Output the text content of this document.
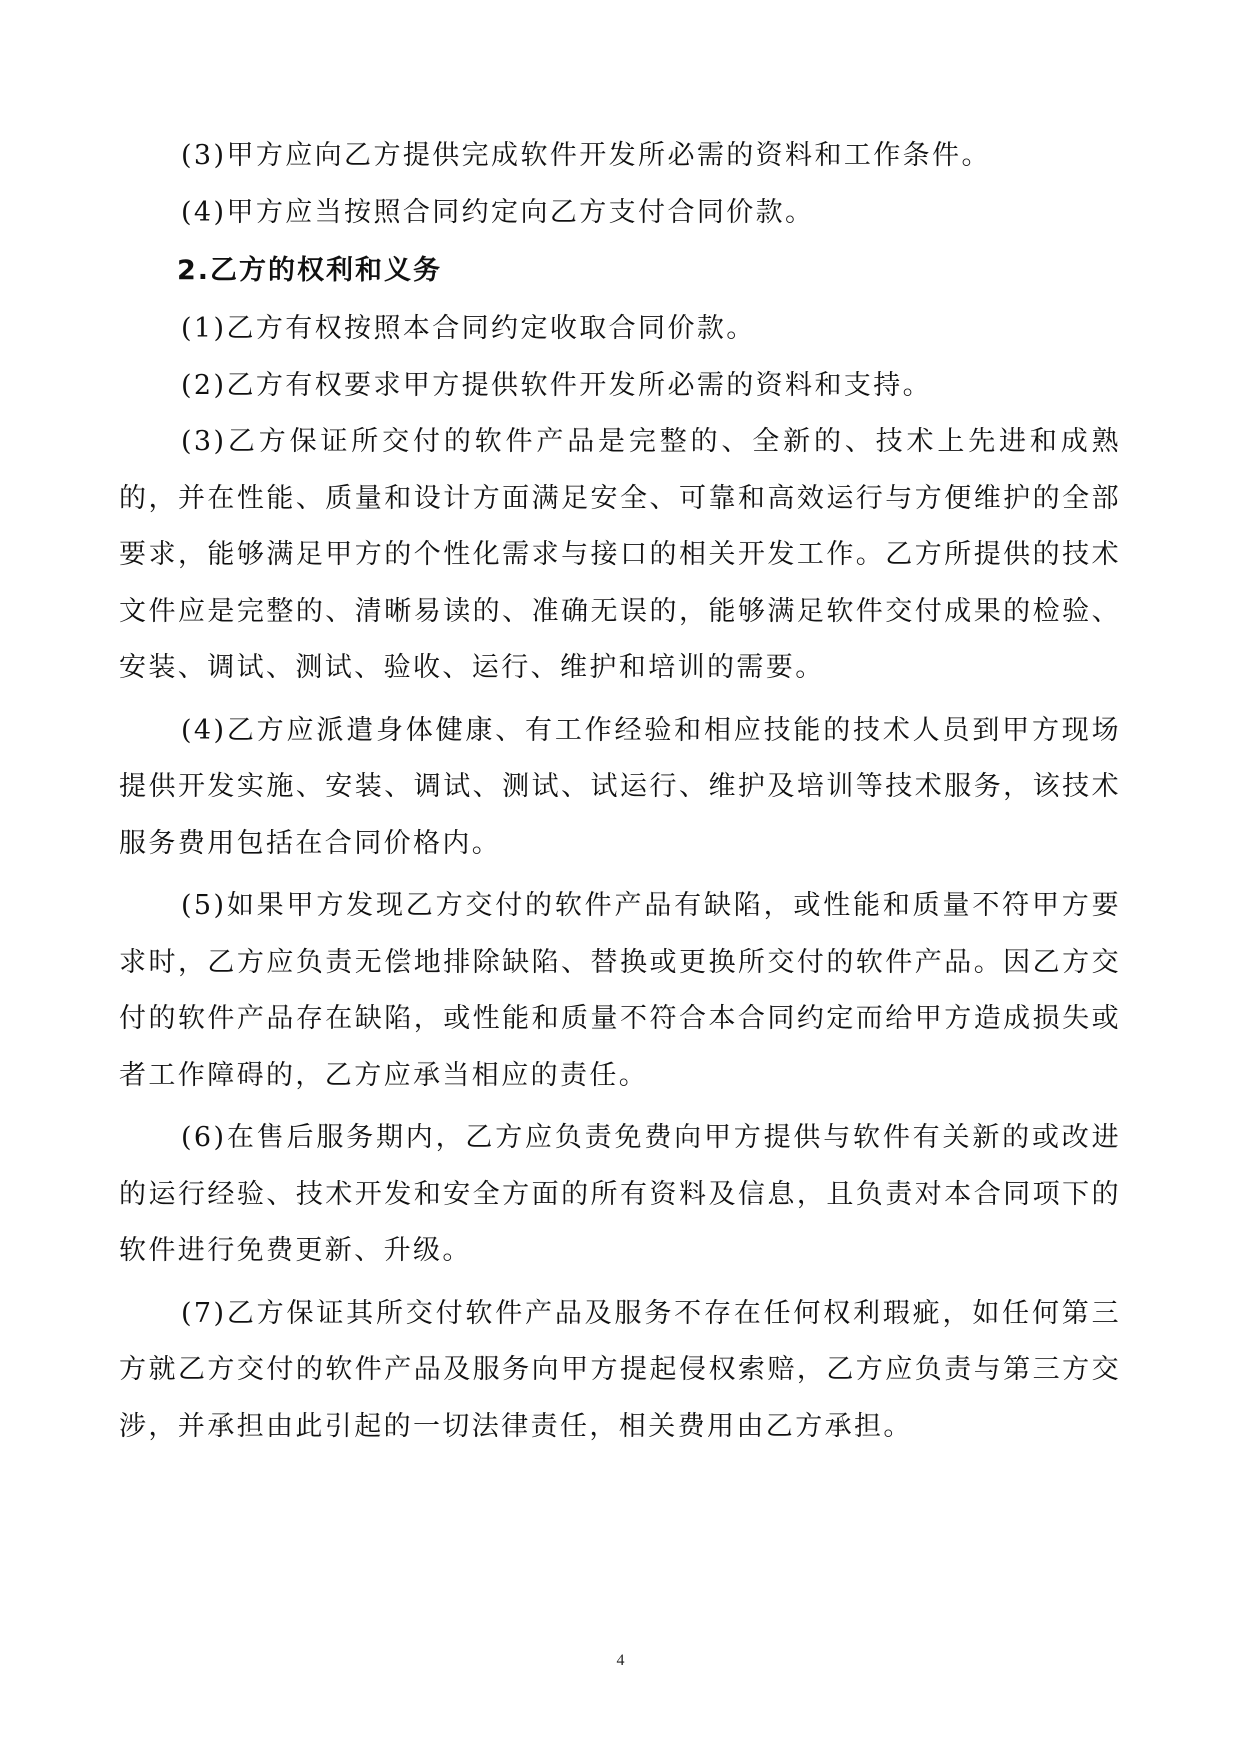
(3)甲方应向乙方提供完成软件开发所必需的资料和工作条件。

(4)甲方应当按照合同约定向乙方支付合同价款。

2.乙方的权利和义务

(1)乙方有权按照本合同约定收取合同价款。

(2)乙方有权要求甲方提供软件开发所必需的资料和支持。

(3)乙方保证所交付的软件产品是完整的、全新的、技术上先进和成熟的，并在性能、质量和设计方面满足安全、可靠和高效运行与方便维护的全部要求，能够满足甲方的个性化需求与接口的相关开发工作。乙方所提供的技术文件应是完整的、清晰易读的、准确无误的，能够满足软件交付成果的检验、安装、调试、测试、验收、运行、维护和培训的需要。

(4)乙方应派遣身体健康、有工作经验和相应技能的技术人员到甲方现场提供开发实施、安装、调试、测试、试运行、维护及培训等技术服务，该技术服务费用包括在合同价格内。

(5)如果甲方发现乙方交付的软件产品有缺陷，或性能和质量不符甲方要求时，乙方应负责无偿地排除缺陷、替换或更换所交付的软件产品。因乙方交付的软件产品存在缺陷，或性能和质量不符合本合同约定而给甲方造成损失或者工作障碍的，乙方应承当相应的责任。

(6)在售后服务期内，乙方应负责免费向甲方提供与软件有关新的或改进的运行经验、技术开发和安全方面的所有资料及信息，且负责对本合同项下的软件进行免费更新、升级。

(7)乙方保证其所交付软件产品及服务不存在任何权利瑕疵，如任何第三方就乙方交付的软件产品及服务向甲方提起侵权索赔，乙方应负责与第三方交涉，并承担由此引起的一切法律责任，相关费用由乙方承担。

4
